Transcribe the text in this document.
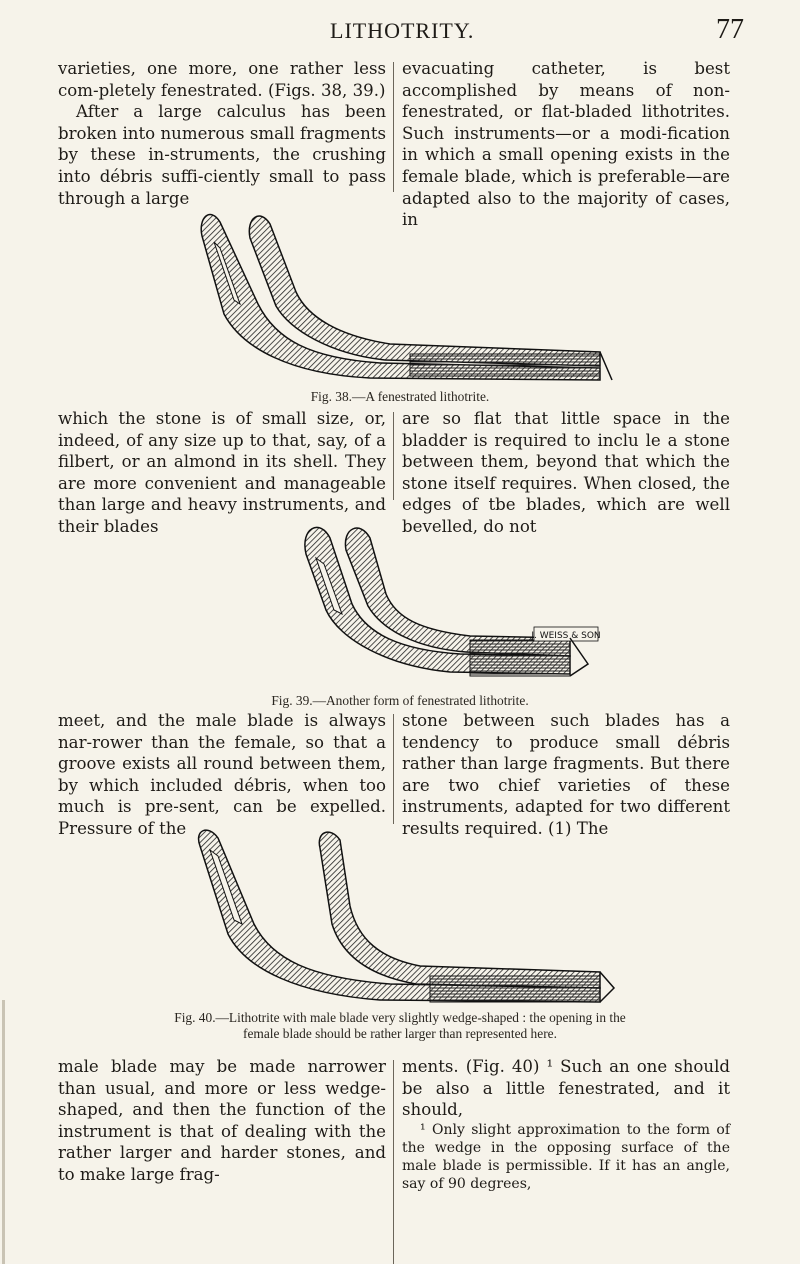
LITHOTRITY.	77

varieties, one more, one rather less com-pletely fenestrated. (Figs. 38, 39.)

After a large calculus has been broken into numerous small fragments by these in-struments, the crushing into débris suffi-ciently small to pass through a large

evacuating catheter, is best accomplished by means of non-fenestrated, or flat-bladed lithotrites. Such instruments—or a modi-fication in which a small opening exists in the female blade, which is preferable—are adapted also to the majority of cases, in

Fig. 38.—A fenestrated lithotrite.

which the stone is of small size, or, indeed, of any size up to that, say, of a filbert, or an almond in its shell. They are more convenient and manageable than large and heavy instruments, and their blades

are so flat that little space in the bladder is required to inclu le a stone between them, beyond that which the stone itself requires. When closed, the edges of tbe blades, which are well bevelled, do not

J. WEISS & SON
Fig. 39.—Another form of fenestrated lithotrite.

meet, and the male blade is always nar-rower than the female, so that a groove exists all round between them, by which included débris, when too much is pre-sent, can be expelled. Pressure of the

stone between such blades has a tendency to produce small débris rather than large fragments. But there are two chief varieties of these instruments, adapted for two different results required. (1) The

Fig. 40.—Lithotrite with male blade very slightly wedge-shaped : the opening in the
female blade should be rather larger than represented here.

male blade may be made narrower than usual, and more or less wedge-shaped, and then the function of the instrument is that of dealing with the rather larger and harder stones, and to make large frag-

ments. (Fig. 40) ¹ Such an one should be also a little fenestrated, and it should,

¹ Only slight approximation to the form of the wedge in the opposing surface of the male blade is permissible. If it has an angle, say of 90 degrees,
